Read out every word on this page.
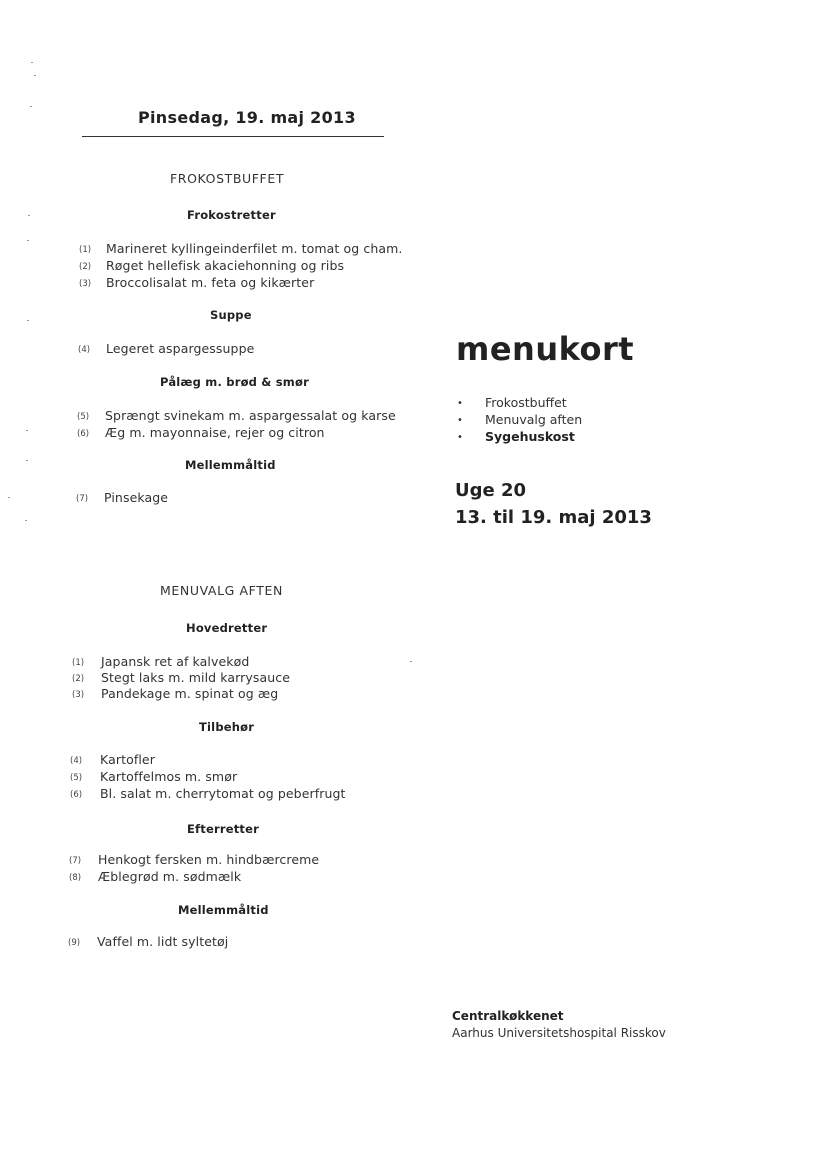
Pinsedag, 19. maj 2013
FROKOSTBUFFET
Frokostretter
(1) Marineret kyllingeinderfilet m. tomat og cham.
(2) Røget hellefisk akaciehonning og ribs
(3) Broccolisalat m. feta og kikærter
Suppe
(4) Legeret aspargessuppe
Pålæg m. brød & smør
(5) Sprængt svinekam m. aspargessalat og karse
(6) Æg m. mayonnaise, rejer og citron
Mellemmåltid
(7) Pinsekage
MENUVALG AFTEN
Hovedretter
(1) Japansk ret af kalvekød
(2) Stegt laks m. mild karrysauce
(3) Pandekage m. spinat og æg
Tilbehør
(4) Kartofler
(5) Kartoffelmos m. smør
(6) Bl. salat m. cherrytomat og peberfrugt
Efterretter
(7) Henkogt fersken m. hindbærcreme
(8) Æblegrød m. sødmælk
Mellemmåltid
(9) Vaffel m. lidt syltetøj
menukort
• Frokostbuffet
• Menuvalg aften
• Sygehuskost
Uge 20
13. til 19. maj 2013
Centralkøkkenet
Aarhus Universitetshospital Risskov
